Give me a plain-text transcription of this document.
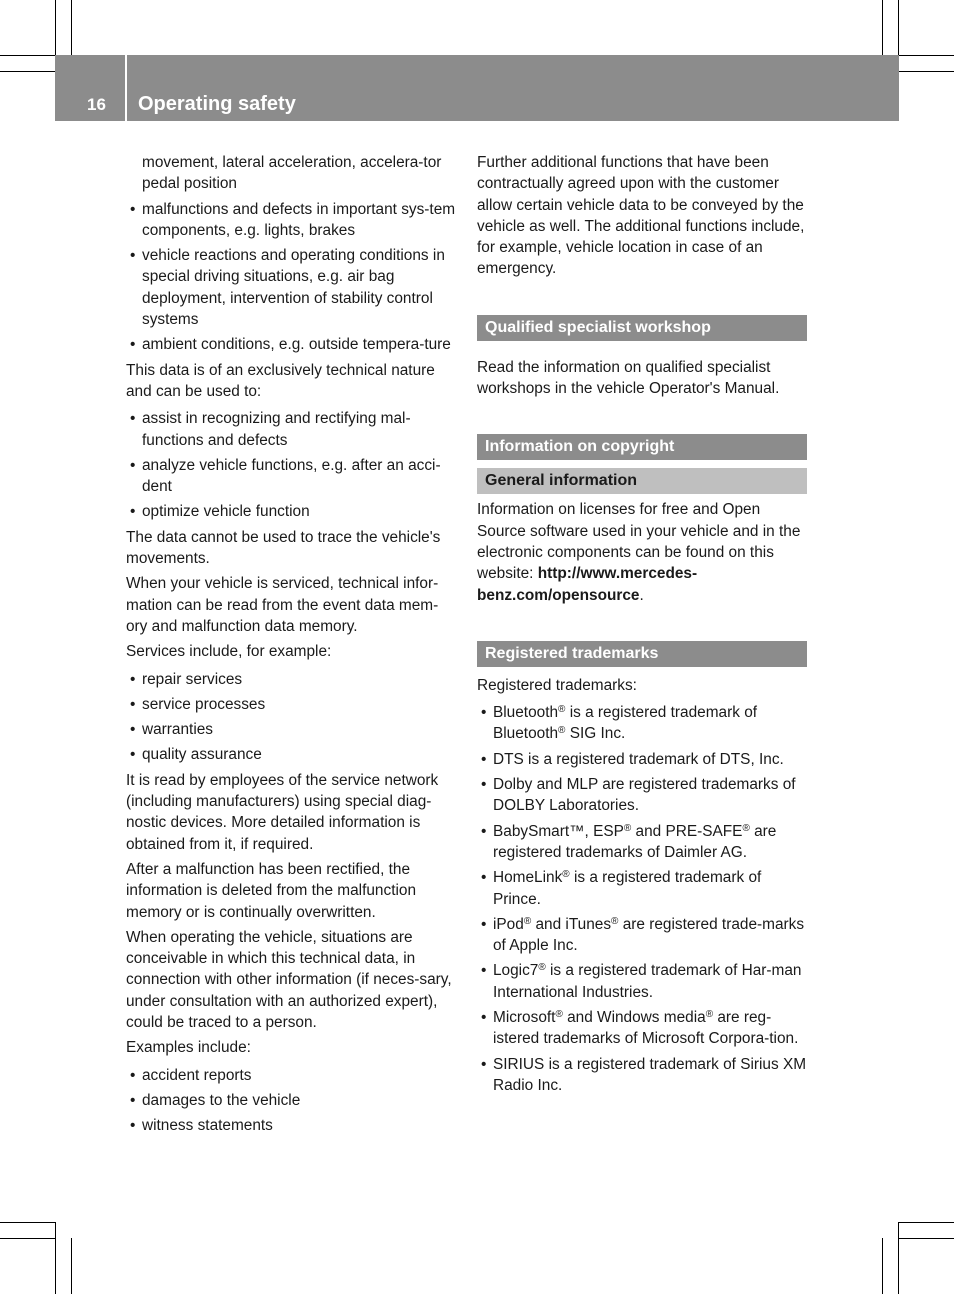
16 Operating safety
movement, lateral acceleration, accelera-tor pedal position
• malfunctions and defects in important sys-tem components, e.g. lights, brakes
• vehicle reactions and operating conditions in special driving situations, e.g. air bag deployment, intervention of stability control systems
• ambient conditions, e.g. outside tempera-ture

This data is of an exclusively technical nature and can be used to:

• assist in recognizing and rectifying mal-functions and defects
• analyze vehicle functions, e.g. after an acci-dent
• optimize vehicle function

The data cannot be used to trace the vehicle's movements.

When your vehicle is serviced, technical infor-mation can be read from the event data mem-ory and malfunction data memory.

Services include, for example:

• repair services
• service processes
• warranties
• quality assurance

It is read by employees of the service network (including manufacturers) using special diag-nostic devices. More detailed information is obtained from it, if required.

After a malfunction has been rectified, the information is deleted from the malfunction memory or is continually overwritten.

When operating the vehicle, situations are conceivable in which this technical data, in connection with other information (if neces-sary, under consultation with an authorized expert), could be traced to a person.

Examples include:

• accident reports
• damages to the vehicle
• witness statements

Further additional functions that have been contractually agreed upon with the customer allow certain vehicle data to be conveyed by the vehicle as well. The additional functions include, for example, vehicle location in case of an emergency.

Qualified specialist workshop

Read the information on qualified specialist workshops in the vehicle Operator's Manual.

Information on copyright
General information

Information on licenses for free and Open Source software used in your vehicle and in the electronic components can be found on this website: http://www.mercedes-benz.com/opensource.

Registered trademarks

Registered trademarks:

• Bluetooth® is a registered trademark of Bluetooth® SIG Inc.
• DTS is a registered trademark of DTS, Inc.
• Dolby and MLP are registered trademarks of DOLBY Laboratories.
• BabySmart™, ESP® and PRE-SAFE® are registered trademarks of Daimler AG.
• HomeLink® is a registered trademark of Prince.
• iPod® and iTunes® are registered trade-marks of Apple Inc.
• Logic7® is a registered trademark of Har-man International Industries.
• Microsoft® and Windows media® are reg-istered trademarks of Microsoft Corpora-tion.
• SIRIUS is a registered trademark of Sirius XM Radio Inc.
